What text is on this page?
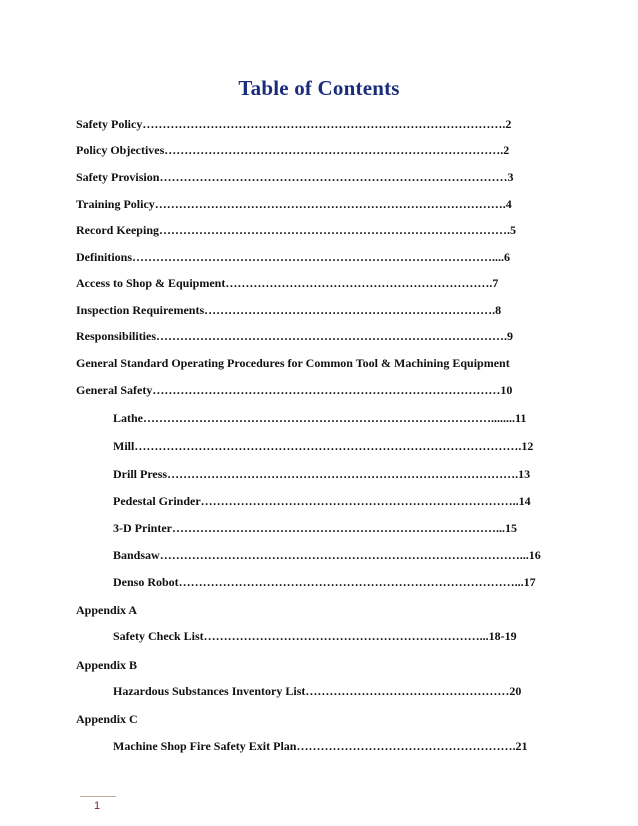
Table of Contents
Safety Policy……………………………………………………………………………….2
Policy Objectives………………………………………………………………………….2
Safety Provision……………………………………………………………………………3
Training Policy…………………………………………………………………………….4
Record Keeping…………………………………………………………………………….5
Definitions………………………………………………………………………………....6
Access to Shop & Equipment………………………………………………………….7
Inspection Requirements……………………………………………………………….8
Responsibilities…………………………………………………………………………….9
General Standard Operating Procedures for Common Tool & Machining Equipment
General Safety……………………………………………………………………………10
Lathe……………………………………………………………………………........11
Mill…………………………………………………………………………………….12
Drill Press…………………………………………………………………………….13
Pedestal Grinder……………………………………………………………………..14
3-D Printer………………………………………………………………………...15
Bandsaw………………………………………………………………………………...16
Denso Robot…………………………………………………………………………...17
Appendix A
Safety Check List……………………………………………………………...18-19
Appendix B
Hazardous Substances Inventory List……………………………………………20
Appendix C
Machine Shop Fire Safety Exit Plan……………………………………………….21
1
